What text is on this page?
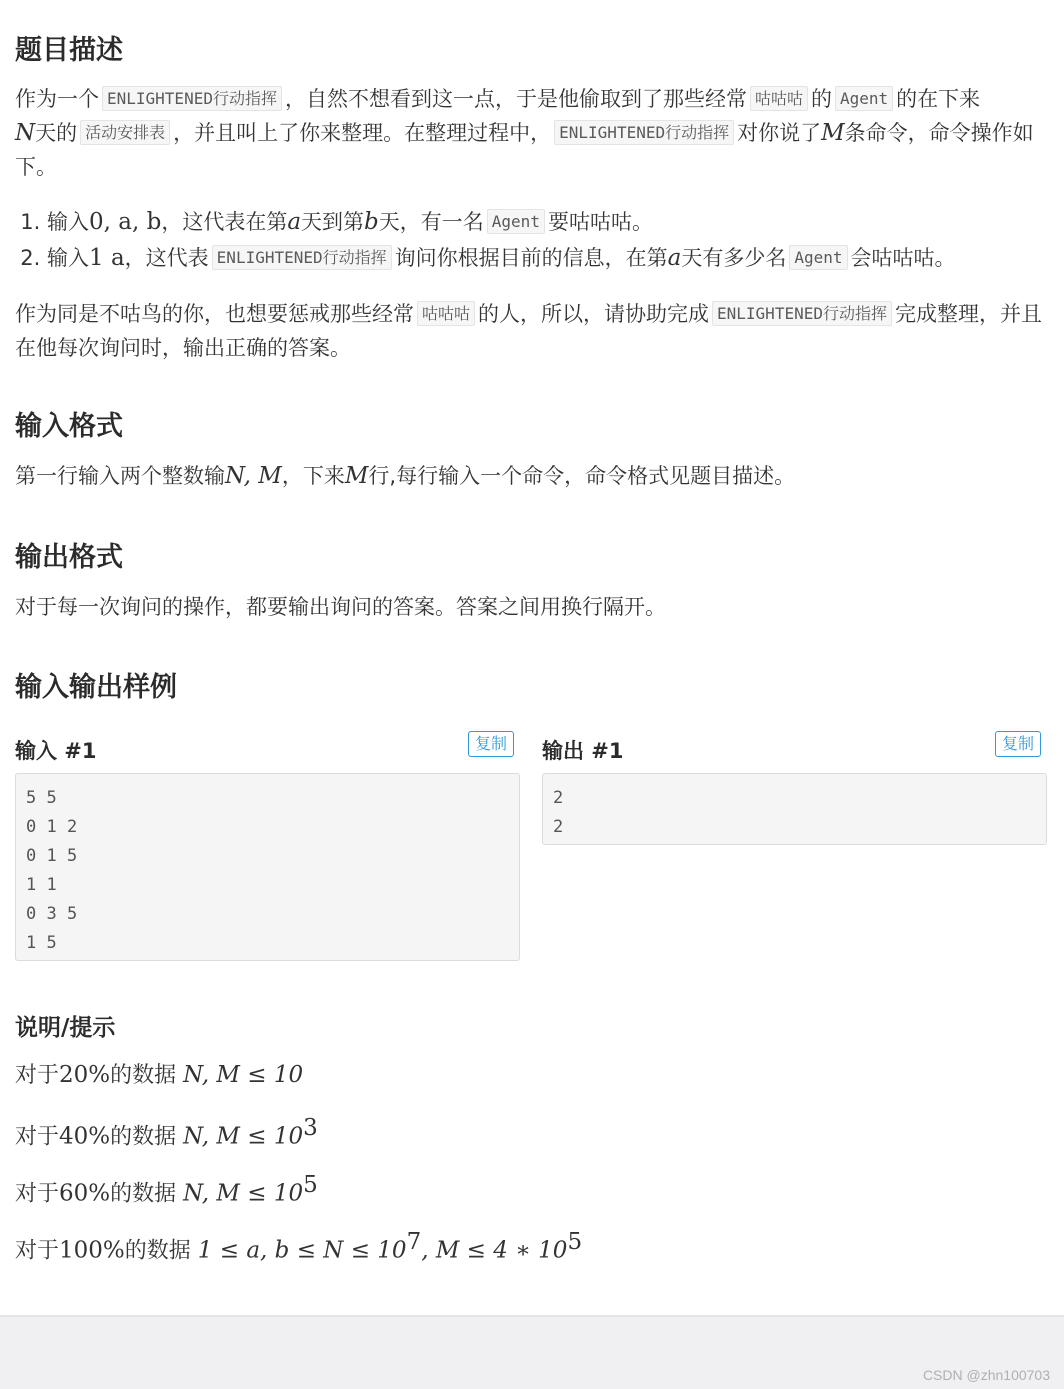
题目描述
作为一个 ENLIGHTENED行动指挥 ，自然不想看到这一点，于是他偷取到了那些经常 咕咕咕 的 Agent 的在下来
N天的 活动安排表 ，并且叫上了你来整理。在整理过程中， ENLIGHTENED行动指挥 对你说了M条命令，命令操作如下。
1. 输入0, a, b，这代表在第a天到第b天，有一名 Agent 要咕咕咕。
2. 输入1 a，这代表 ENLIGHTENED行动指挥 询问你根据目前的信息，在第a天有多少名 Agent 会咕咕咕。
作为同是不咕鸟的你，也想要惩戒那些经常 咕咕咕 的人，所以，请协助完成 ENLIGHTENED行动指挥 完成整理，并且在他每次询问时，输出正确的答案。
输入格式
第一行输入两个整数输N, M，下来M行,每行输入一个命令，命令格式见题目描述。
输出格式
对于每一次询问的操作，都要输出询问的答案。答案之间用换行隔开。
输入输出样例
输入 #1	复制
5 5
0 1 2
0 1 5
1 1
0 3 5
1 5
输出 #1	复制
2
2
说明/提示
对于20%的数据 N, M ≤ 10
对于40%的数据 N, $M \le 10^3$
对于60%的数据 N, $M \le 10^5$
对于100%的数据 1 ≤ a, $b \le N \le 10^7$, M ≤ 4 ∗ $10^5$
CSDN @zhn100703
